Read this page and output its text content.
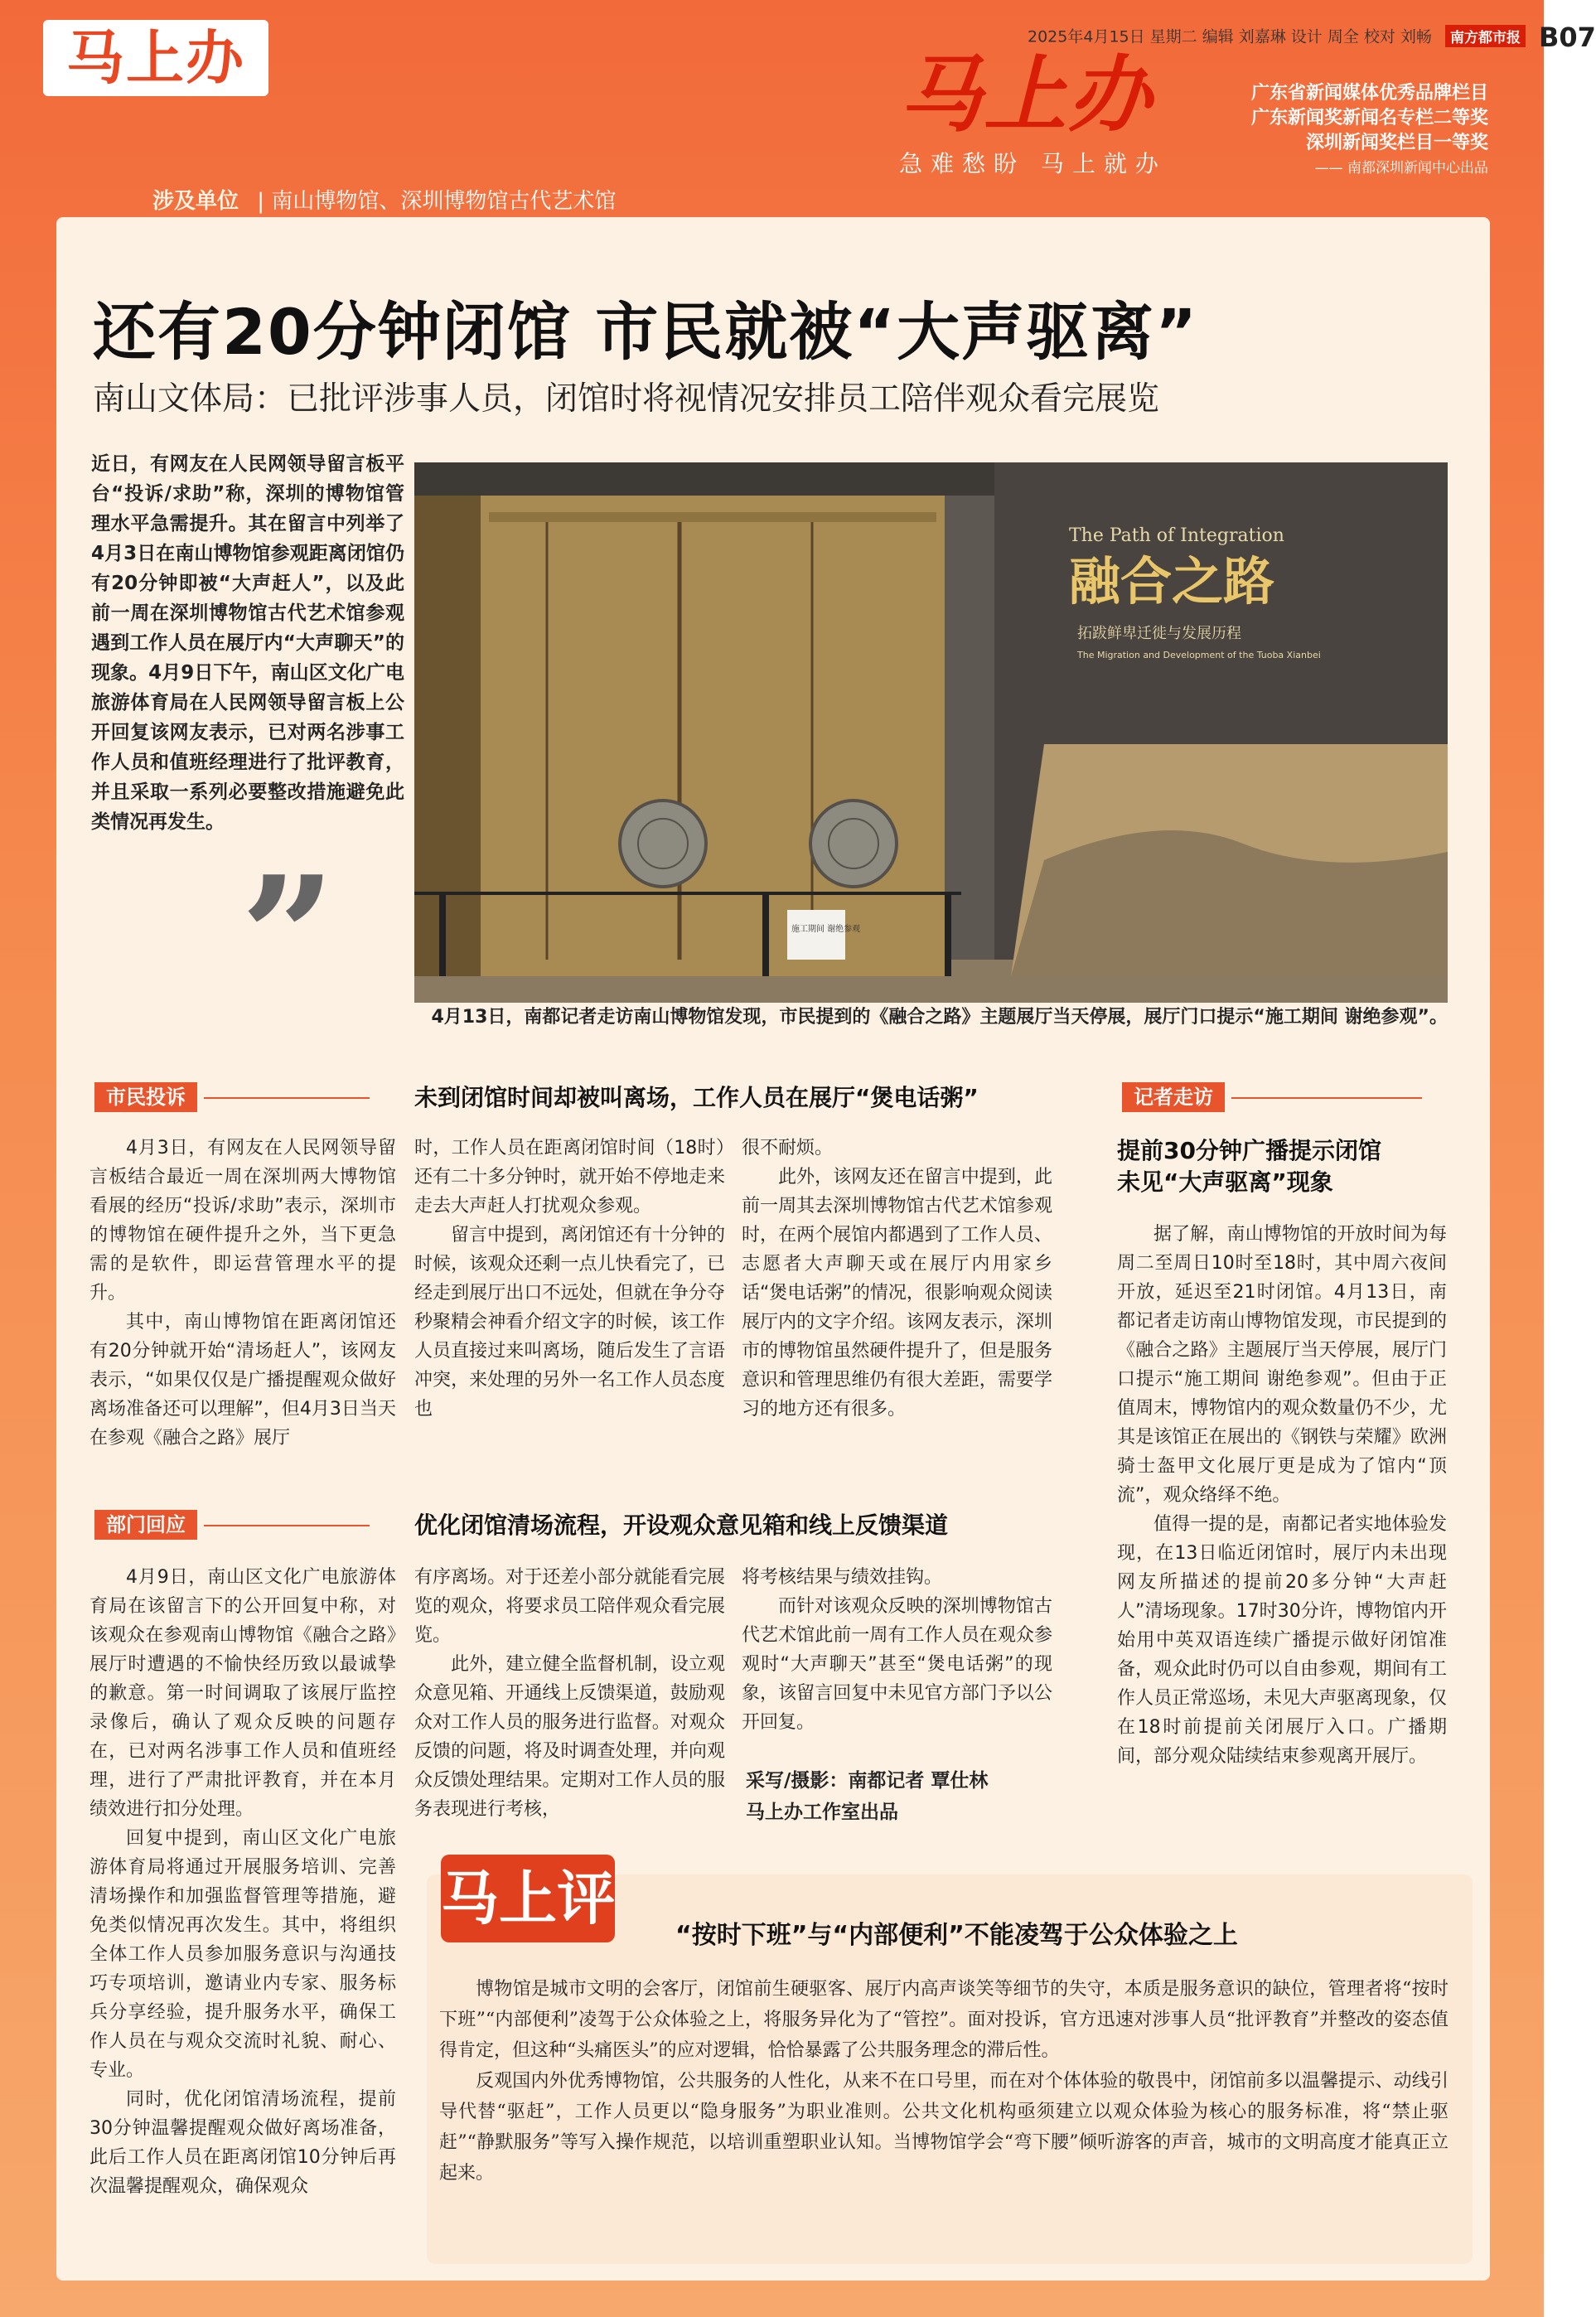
马上办	2025年4月15日 星期二 编辑 刘嘉琳 设计 周全 校对 刘畅 南方都市报 B07
马上办
急难愁盼 马上就办
广东省新闻媒体优秀品牌栏目
广东新闻奖新闻名专栏二等奖
深圳新闻奖栏目一等奖
—— 南都深圳新闻中心出品
涉及单位 | 南山博物馆、深圳博物馆古代艺术馆
还有20分钟闭馆 市民就被“大声驱离”
南山文体局：已批评涉事人员，闭馆时将视情况安排员工陪伴观众看完展览

近日，有网友在人民网领导留言板平台“投诉/求助”称，深圳的博物馆管理水平急需提升。其在留言中列举了4月3日在南山博物馆参观距离闭馆仍有20分钟即被“大声赶人”，以及此前一周在深圳博物馆古代艺术馆参观遇到工作人员在展厅内“大声聊天”的现象。4月9日下午，南山区文化广电旅游体育局在人民网领导留言板上公开回复该网友表示，已对两名涉事工作人员和值班经理进行了批评教育，并且采取一系列必要整改措施避免此类情况再发生。

”
The Path of Integration
融合之路
拓跋鲜卑迁徙与发展历程
The Migration and Development of the Tuoba Xianbei
施工期间 谢绝参观
4月13日，南都记者走访南山博物馆发现，市民提到的《融合之路》主题展厅当天停展，展厅门口提示“施工期间 谢绝参观”。
市民投诉	未到闭馆时间却被叫离场，工作人员在展厅“煲电话粥”

4月3日，有网友在人民网领导留言板结合最近一周在深圳两大博物馆看展的经历“投诉/求助”表示，深圳市的博物馆在硬件提升之外，当下更急需的是软件，即运营管理水平的提升。

其中，南山博物馆在距离闭馆还有20分钟就开始“清场赶人”，该网友表示，“如果仅仅是广播提醒观众做好离场准备还可以理解”，但4月3日当天在参观《融合之路》展厅

时，工作人员在距离闭馆时间（18时）还有二十多分钟时，就开始不停地走来走去大声赶人打扰观众参观。

留言中提到，离闭馆还有十分钟的时候，该观众还剩一点儿快看完了，已经走到展厅出口不远处，但就在争分夺秒聚精会神看介绍文字的时候，该工作人员直接过来叫离场，随后发生了言语冲突，来处理的另外一名工作人员态度也

很不耐烦。

此外，该网友还在留言中提到，此前一周其去深圳博物馆古代艺术馆参观时，在两个展馆内都遇到了工作人员、志愿者大声聊天或在展厅内用家乡话“煲电话粥”的情况，很影响观众阅读展厅内的文字介绍。该网友表示，深圳市的博物馆虽然硬件提升了，但是服务意识和管理思维仍有很大差距，需要学习的地方还有很多。

记者走访
提前30分钟广播提示闭馆
未见“大声驱离”现象

据了解，南山博物馆的开放时间为每周二至周日10时至18时，其中周六夜间开放，延迟至21时闭馆。4月13日，南都记者走访南山博物馆发现，市民提到的《融合之路》主题展厅当天停展，展厅门口提示“施工期间 谢绝参观”。但由于正值周末，博物馆内的观众数量仍不少，尤其是该馆正在展出的《钢铁与荣耀》欧洲骑士盔甲文化展厅更是成为了馆内“顶流”，观众络绎不绝。

值得一提的是，南都记者实地体验发现，在13日临近闭馆时，展厅内未出现网友所描述的提前20多分钟“大声赶人”清场现象。17时30分许，博物馆内开始用中英双语连续广播提示做好闭馆准备，观众此时仍可以自由参观，期间有工作人员正常巡场，未见大声驱离现象，仅在18时前提前关闭展厅入口。广播期间，部分观众陆续结束参观离开展厅。

部门回应	优化闭馆清场流程，开设观众意见箱和线上反馈渠道

4月9日，南山区文化广电旅游体育局在该留言下的公开回复中称，对该观众在参观南山博物馆《融合之路》展厅时遭遇的不愉快经历致以最诚挚的歉意。第一时间调取了该展厅监控录像后，确认了观众反映的问题存在，已对两名涉事工作人员和值班经理，进行了严肃批评教育，并在本月绩效进行扣分处理。

回复中提到，南山区文化广电旅游体育局将通过开展服务培训、完善清场操作和加强监督管理等措施，避免类似情况再次发生。其中，将组织全体工作人员参加服务意识与沟通技巧专项培训，邀请业内专家、服务标兵分享经验，提升服务水平，确保工作人员在与观众交流时礼貌、耐心、专业。

同时，优化闭馆清场流程，提前30分钟温馨提醒观众做好离场准备，此后工作人员在距离闭馆10分钟后再次温馨提醒观众，确保观众

有序离场。对于还差小部分就能看完展览的观众，将要求员工陪伴观众看完展览。

此外，建立健全监督机制，设立观众意见箱、开通线上反馈渠道，鼓励观众对工作人员的服务进行监督。对观众反馈的问题，将及时调查处理，并向观众反馈处理结果。定期对工作人员的服务表现进行考核，

将考核结果与绩效挂钩。

而针对该观众反映的深圳博物馆古代艺术馆此前一周有工作人员在观众参观时“大声聊天”甚至“煲电话粥”的现象，该留言回复中未见官方部门予以公开回复。

采写/摄影：南都记者 覃仕林
马上办工作室出品
马上评
“按时下班”与“内部便利”不能凌驾于公众体验之上

博物馆是城市文明的会客厅，闭馆前生硬驱客、展厅内高声谈笑等细节的失守，本质是服务意识的缺位，管理者将“按时下班”“内部便利”凌驾于公众体验之上，将服务异化为了“管控”。面对投诉，官方迅速对涉事人员“批评教育”并整改的姿态值得肯定，但这种“头痛医头”的应对逻辑，恰恰暴露了公共服务理念的滞后性。

反观国内外优秀博物馆，公共服务的人性化，从来不在口号里，而在对个体体验的敬畏中，闭馆前多以温馨提示、动线引导代替“驱赶”，工作人员更以“隐身服务”为职业准则。公共文化机构亟须建立以观众体验为核心的服务标准，将“禁止驱赶”“静默服务”等写入操作规范，以培训重塑职业认知。当博物馆学会“弯下腰”倾听游客的声音，城市的文明高度才能真正立起来。
